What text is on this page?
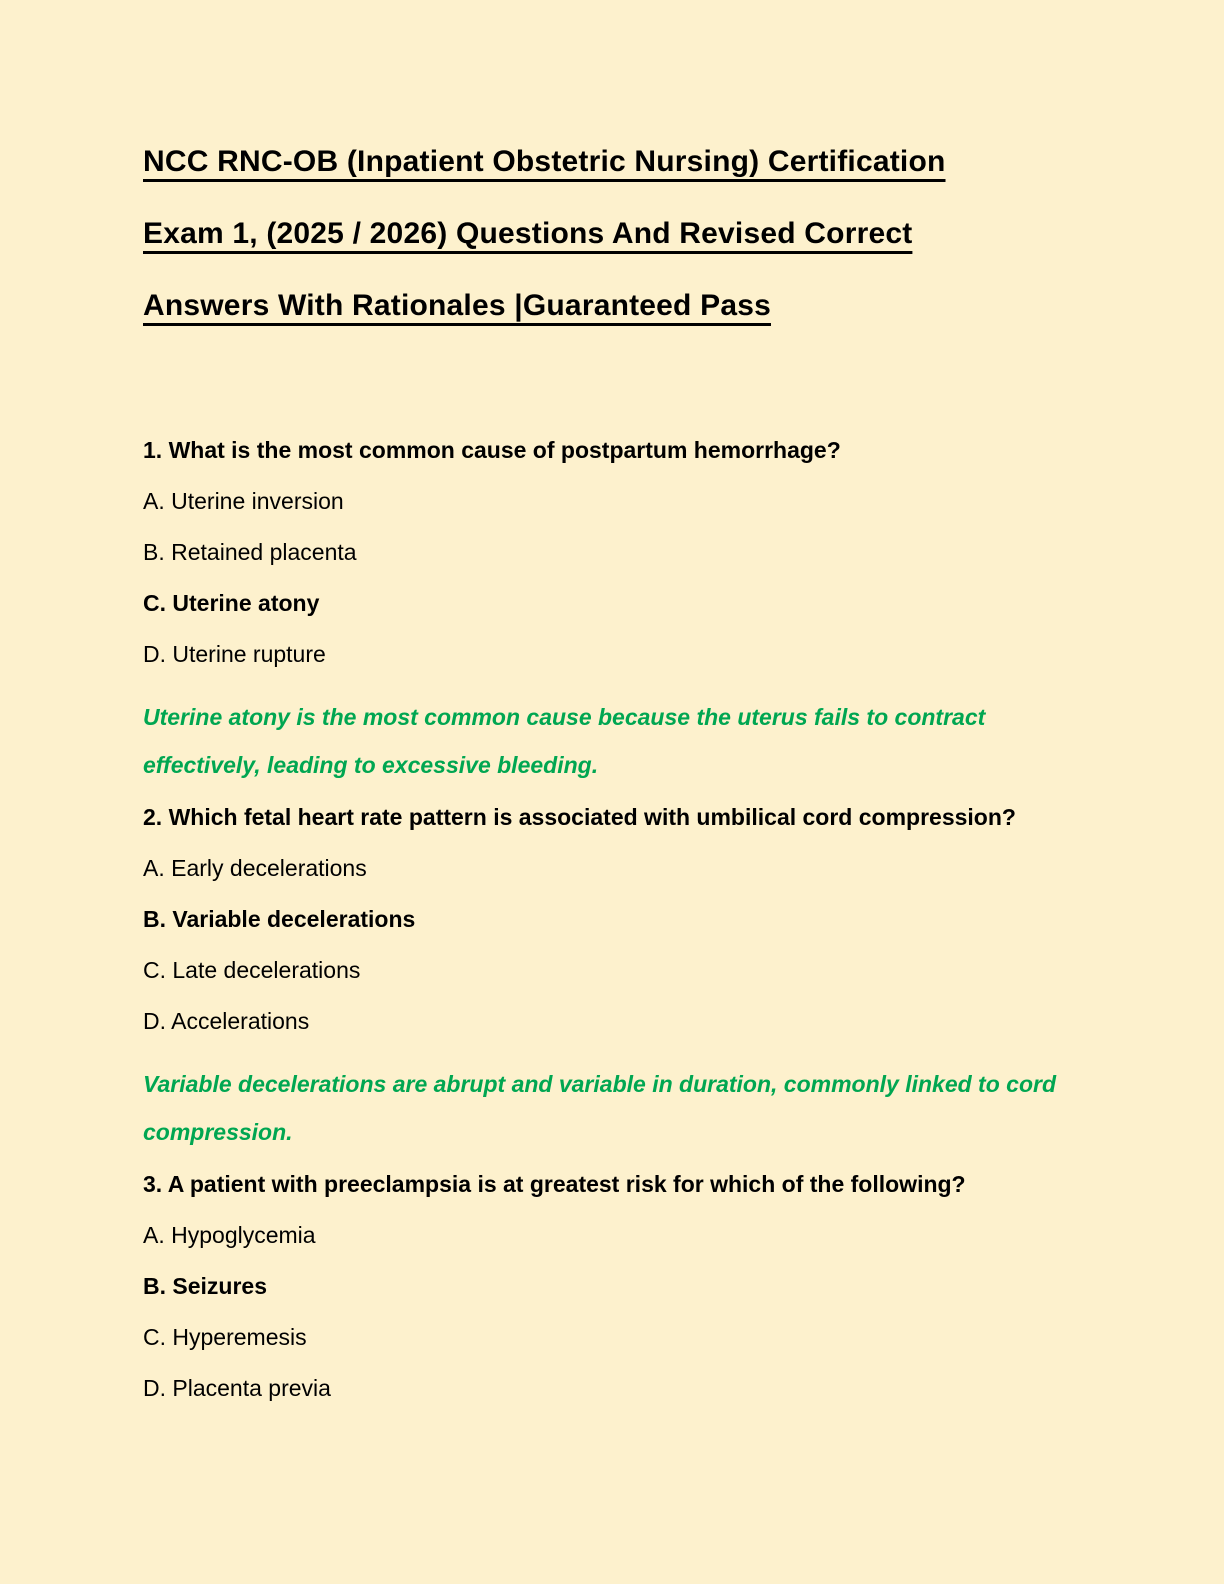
NCC RNC-OB (Inpatient Obstetric Nursing) Certification
Exam 1, (2025 / 2026) Questions And Revised Correct
Answers With Rationales |Guaranteed Pass

1. What is the most common cause of postpartum hemorrhage?

A. Uterine inversion

B. Retained placenta

C. Uterine atony

D. Uterine rupture

Uterine atony is the most common cause because the uterus fails to contract effectively, leading to excessive bleeding.

2. Which fetal heart rate pattern is associated with umbilical cord compression?

A. Early decelerations

B. Variable decelerations

C. Late decelerations

D. Accelerations

Variable decelerations are abrupt and variable in duration, commonly linked to cord compression.

3. A patient with preeclampsia is at greatest risk for which of the following?

A. Hypoglycemia

B. Seizures

C. Hyperemesis

D. Placenta previa
